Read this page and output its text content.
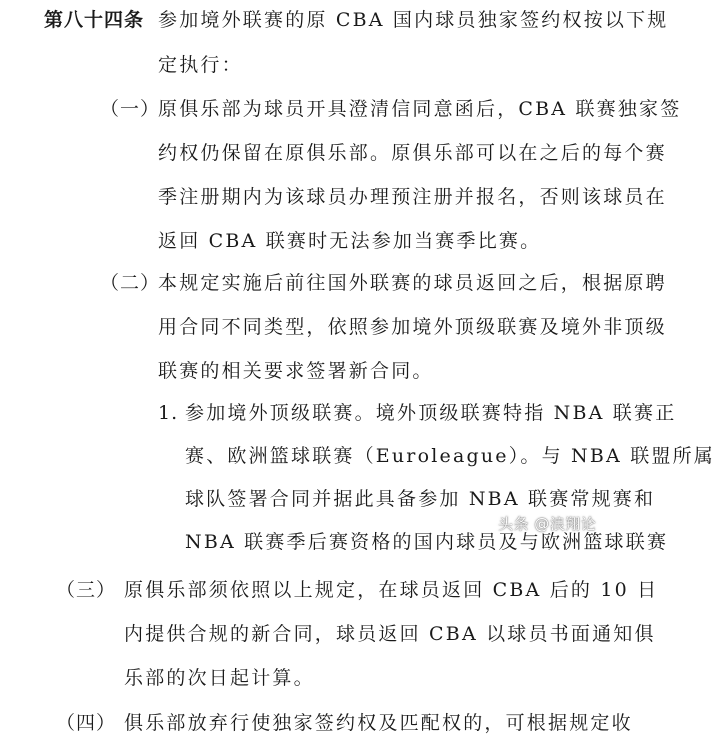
第八十四条 参加境外联赛的原 CBA 国内球员独家签约权按以下规
定执行：
（一）
原俱乐部为球员开具澄清信同意函后，CBA 联赛独家签
约权仍保留在原俱乐部。原俱乐部可以在之后的每个赛
季注册期内为该球员办理预注册并报名，否则该球员在
返回 CBA 联赛时无法参加当赛季比赛。
（二）
本规定实施后前往国外联赛的球员返回之后，根据原聘
用合同不同类型，依照参加境外顶级联赛及境外非顶级
联赛的相关要求签署新合同。
1. 参加境外顶级联赛。境外顶级联赛特指 NBA 联赛正
赛、欧洲篮球联赛（Euroleague）。与 NBA 联盟所属
球队签署合同并据此具备参加 NBA 联赛常规赛和
NBA 联赛季后赛资格的国内球员及与欧洲篮球联赛
（三） 原俱乐部须依照以上规定，在球员返回 CBA 后的 10 日
内提供合规的新合同，球员返回 CBA 以球员书面通知俱
乐部的次日起计算。
（四） 俱乐部放弃行使独家签约权及匹配权的，可根据规定收
头条 @浪翔论
